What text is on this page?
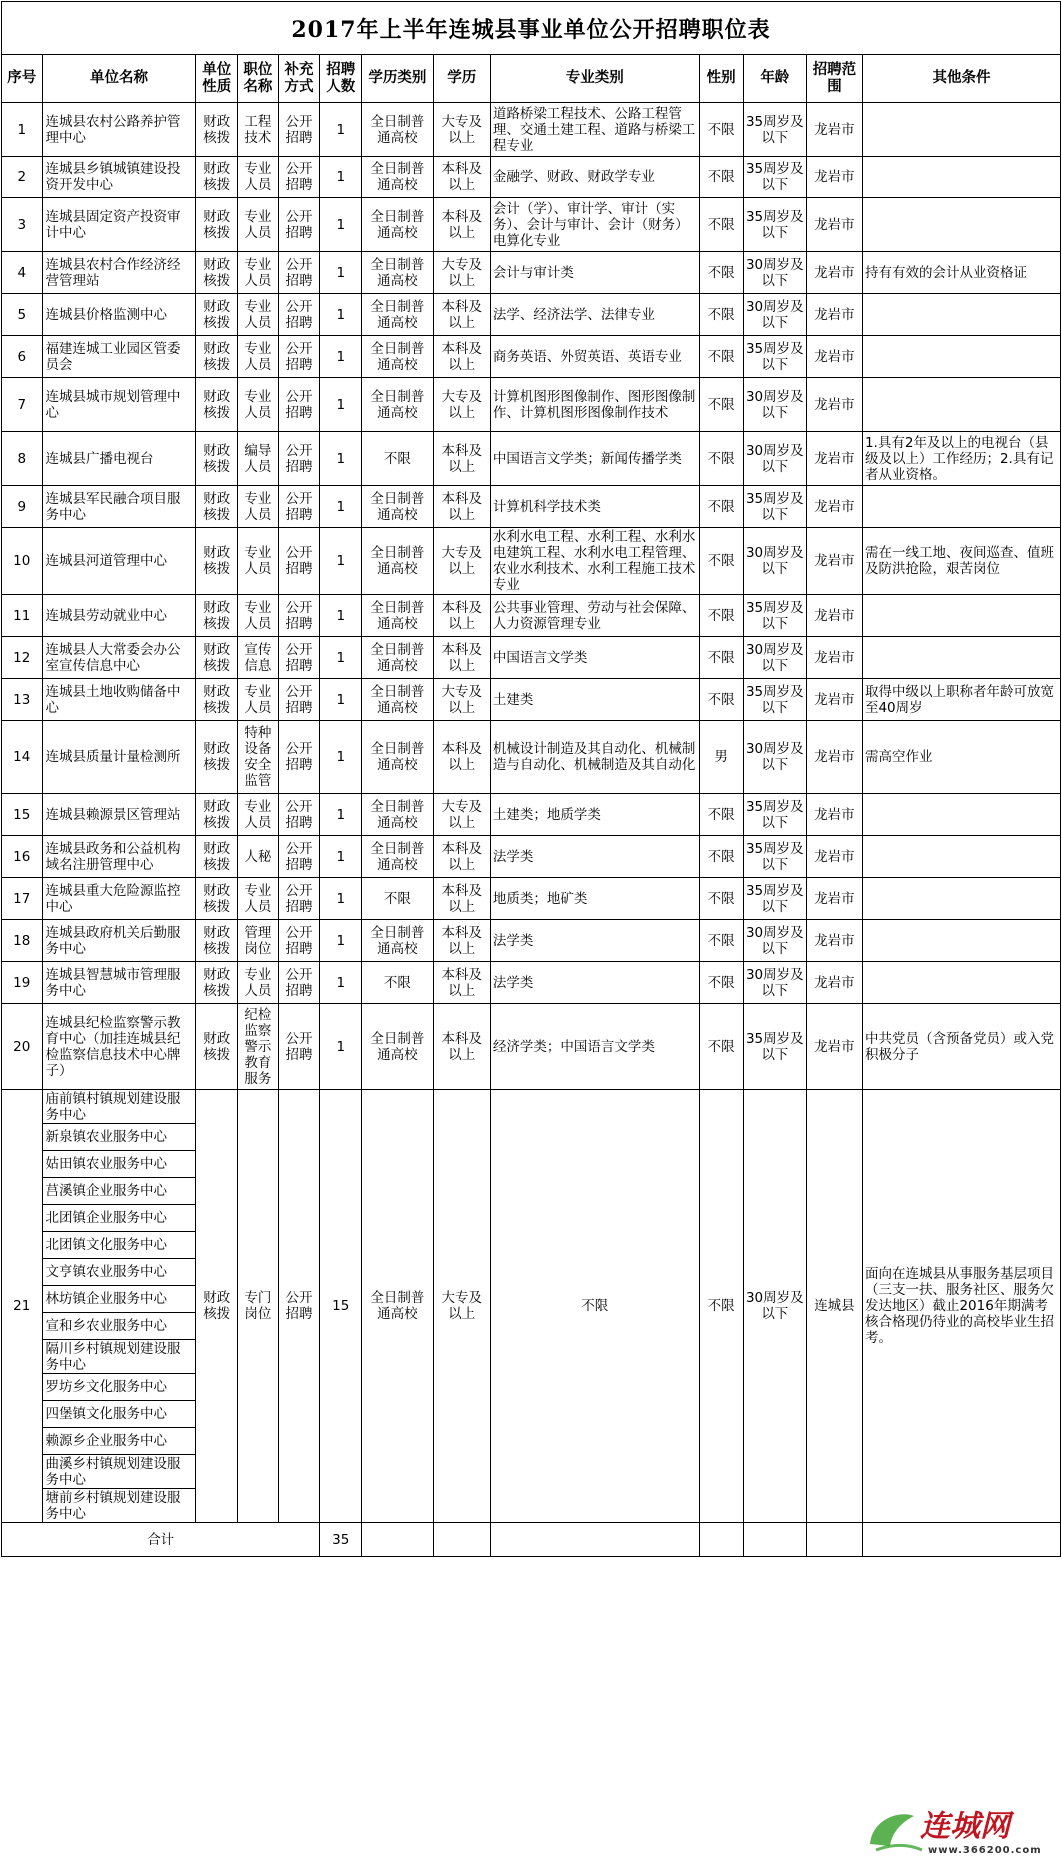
2017年上半年连城县事业单位公开招聘职位表
序号	单位名称	单位性质	职位名称	补充方式	招聘人数	学历类别	学历	专业类别	性别	年龄	招聘范围	其他条件
1	连城县农村公路养护管理中心	财政核拨	工程技术	公开招聘	1	全日制普通高校	大专及以上	道路桥梁工程技术、公路工程管理、交通土建工程、道路与桥梁工程专业	不限	35周岁及以下	龙岩市	
2	连城县乡镇城镇建设投资开发中心	财政核拨	专业人员	公开招聘	1	全日制普通高校	本科及以上	金融学、财政、财政学专业	不限	35周岁及以下	龙岩市	
3	连城县固定资产投资审计中心	财政核拨	专业人员	公开招聘	1	全日制普通高校	本科及以上	会计（学）、审计学、审计（实务）、会计与审计、会计（财务）电算化专业	不限	35周岁及以下	龙岩市	
4	连城县农村合作经济经营管理站	财政核拨	专业人员	公开招聘	1	全日制普通高校	大专及以上	会计与审计类	不限	30周岁及以下	龙岩市	持有有效的会计从业资格证
5	连城县价格监测中心	财政核拨	专业人员	公开招聘	1	全日制普通高校	本科及以上	法学、经济法学、法律专业	不限	30周岁及以下	龙岩市	
6	福建连城工业园区管委员会	财政核拨	专业人员	公开招聘	1	全日制普通高校	本科及以上	商务英语、外贸英语、英语专业	不限	35周岁及以下	龙岩市	
7	连城县城市规划管理中心	财政核拨	专业人员	公开招聘	1	全日制普通高校	大专及以上	计算机图形图像制作、图形图像制作、计算机图形图像制作技术	不限	30周岁及以下	龙岩市	
8	连城县广播电视台	财政核拨	编导人员	公开招聘	1	不限	本科及以上	中国语言文学类；新闻传播学类	不限	30周岁及以下	龙岩市	1.具有2年及以上的电视台（县级及以上）工作经历；2.具有记者从业资格。
9	连城县军民融合项目服务中心	财政核拨	专业人员	公开招聘	1	全日制普通高校	本科及以上	计算机科学技术类	不限	35周岁及以下	龙岩市	
10	连城县河道管理中心	财政核拨	专业人员	公开招聘	1	全日制普通高校	大专及以上	水利水电工程、水利工程、水利水电建筑工程、水利水电工程管理、农业水利技术、水利工程施工技术专业	不限	30周岁及以下	龙岩市	需在一线工地、夜间巡查、值班及防洪抢险，艰苦岗位
11	连城县劳动就业中心	财政核拨	专业人员	公开招聘	1	全日制普通高校	本科及以上	公共事业管理、劳动与社会保障、人力资源管理专业	不限	35周岁及以下	龙岩市	
12	连城县人大常委会办公室宣传信息中心	财政核拨	宣传信息	公开招聘	1	全日制普通高校	本科及以上	中国语言文学类	不限	30周岁及以下	龙岩市	
13	连城县土地收购储备中心	财政核拨	专业人员	公开招聘	1	全日制普通高校	大专及以上	土建类	不限	35周岁及以下	龙岩市	取得中级以上职称者年龄可放宽至40周岁
14	连城县质量计量检测所	财政核拨	特种设备安全监管	公开招聘	1	全日制普通高校	本科及以上	机械设计制造及其自动化、机械制造与自动化、机械制造及其自动化	男	30周岁及以下	龙岩市	需高空作业
15	连城县赖源景区管理站	财政核拨	专业人员	公开招聘	1	全日制普通高校	大专及以上	土建类；地质学类	不限	35周岁及以下	龙岩市	
16	连城县政务和公益机构域名注册管理中心	财政核拨	人秘	公开招聘	1	全日制普通高校	本科及以上	法学类	不限	35周岁及以下	龙岩市	
17	连城县重大危险源监控中心	财政核拨	专业人员	公开招聘	1	不限	本科及以上	地质类；地矿类	不限	35周岁及以下	龙岩市	
18	连城县政府机关后勤服务中心	财政核拨	管理岗位	公开招聘	1	全日制普通高校	本科及以上	法学类	不限	30周岁及以下	龙岩市	
19	连城县智慧城市管理服务中心	财政核拨	专业人员	公开招聘	1	不限	本科及以上	法学类	不限	30周岁及以下	龙岩市	
20	连城县纪检监察警示教育中心（加挂连城县纪检监察信息技术中心牌子）	财政核拨	纪检监察警示教育服务	公开招聘	1	全日制普通高校	本科及以上	经济学类；中国语言文学类	不限	35周岁及以下	龙岩市	中共党员（含预备党员）或入党积极分子
21	庙前镇村镇规划建设服务中心	财政核拨	专门岗位	公开招聘	15	全日制普通高校	大专及以上	不限	不限	30周岁及以下	连城县	面向在连城县从事服务基层项目（三支一扶、服务社区、服务欠发达地区）截止2016年期满考核合格现仍待业的高校毕业生招考。
	新泉镇农业服务中心											
	姑田镇农业服务中心											
	莒溪镇企业服务中心											
	北团镇企业服务中心											
	北团镇文化服务中心											
	文亨镇农业服务中心											
	林坊镇企业服务中心											
	宣和乡农业服务中心											
	隔川乡村镇规划建设服务中心											
	罗坊乡文化服务中心											
	四堡镇文化服务中心											
	赖源乡企业服务中心											
	曲溪乡村镇规划建设服务中心											
	塘前乡村镇规划建设服务中心											
合计					35							
连城网
www.366200.com
